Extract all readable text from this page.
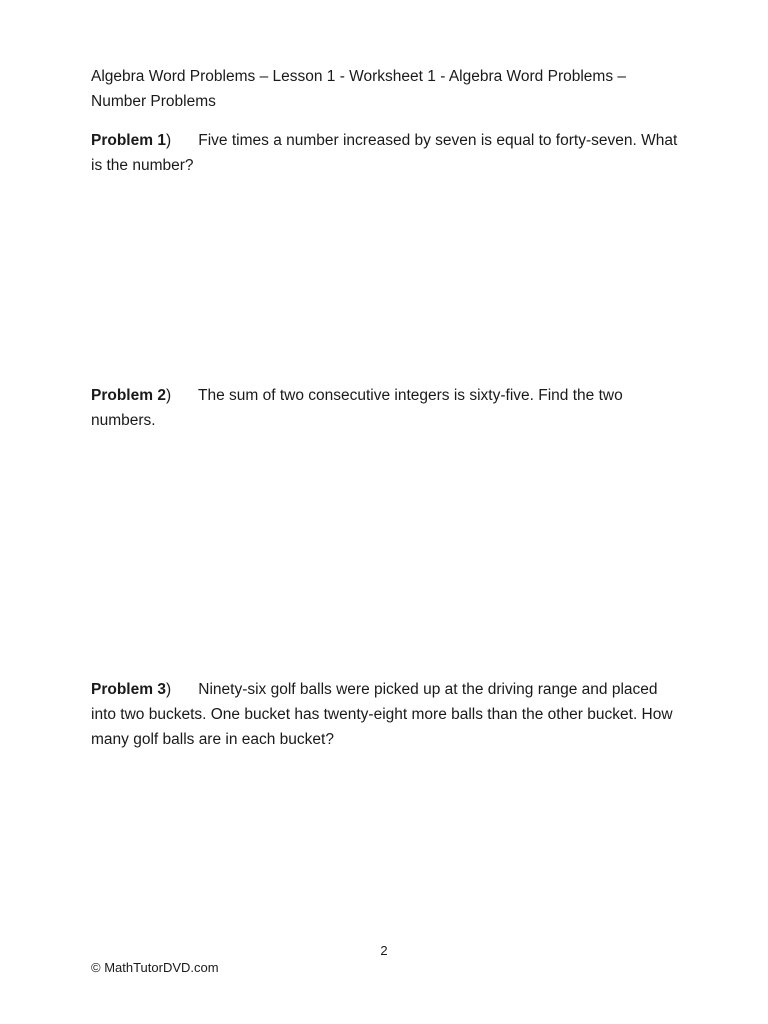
Algebra Word Problems – Lesson 1 - Worksheet 1 - Algebra Word Problems – Number Problems
Problem 1) Five times a number increased by seven is equal to forty-seven. What is the number?
Problem 2) The sum of two consecutive integers is sixty-five. Find the two numbers.
Problem 3) Ninety-six golf balls were picked up at the driving range and placed into two buckets. One bucket has twenty-eight more balls than the other bucket. How many golf balls are in each bucket?
2
© MathTutorDVD.com
